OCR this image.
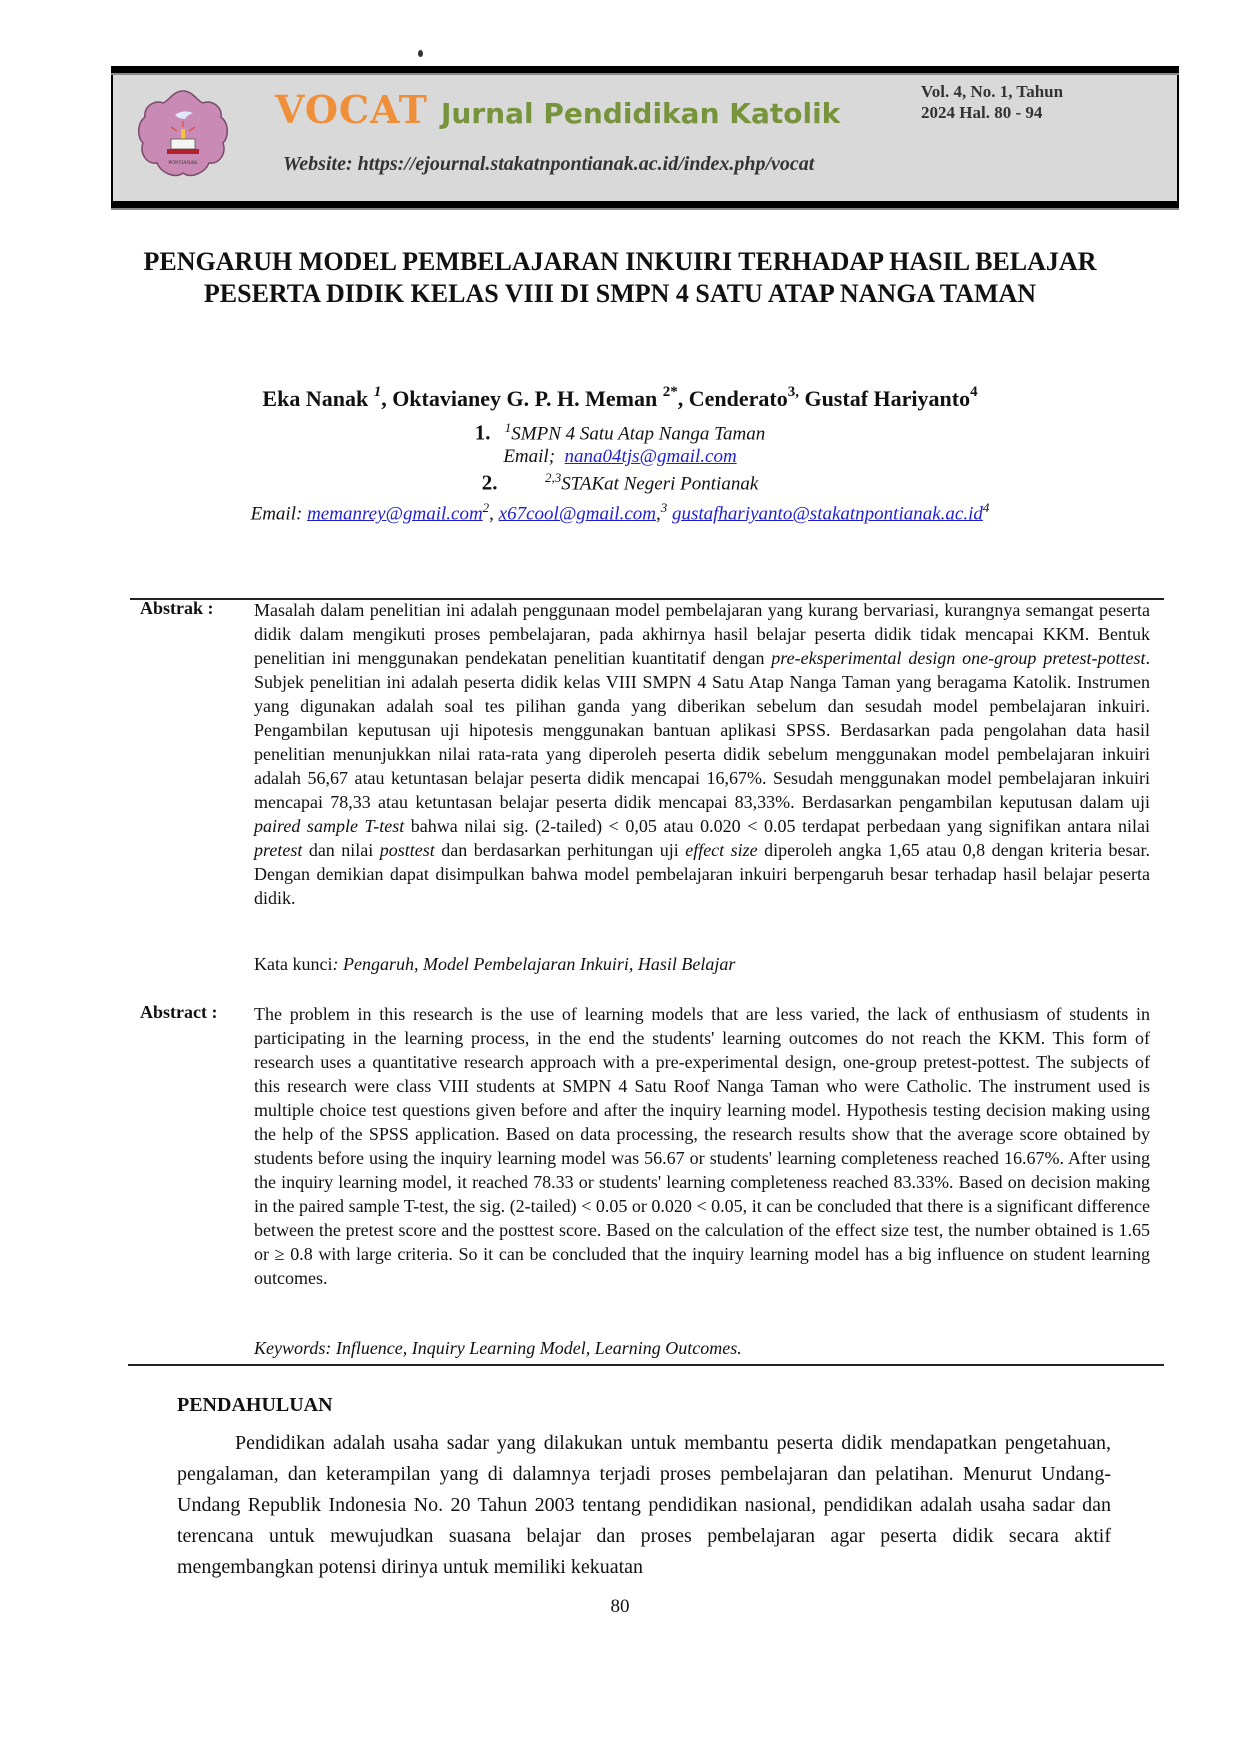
PONTIANAK
VOCAT Jurnal Pendidikan Katolik
Website: https://ejournal.stakatnpontianak.ac.id/index.php/vocat
Vol. 4, No. 1, Tahun
2024 Hal. 80 - 94
PENGARUH MODEL PEMBELAJARAN INKUIRI TERHADAP HASIL BELAJAR PESERTA DIDIK KELAS VIII DI SMPN 4 SATU ATAP NANGA TAMAN
Eka Nanak $^1$, Oktavianey G. P. H. Meman $^{2*}$, Cenderato$^{3,}$ Gustaf Hariyanto$^4$
1. $^1$SMPN 4 Satu Atap Nanga Taman
Email; nana04tjs@gmail.com
2.	$^{2,3}$STAKat Negeri Pontianak
Email: memanrey@gmail.com$^2$, x67cool@gmail.com,$^3$ $gustafhariyanto@stakatnpontianak.ac.id^4$
Abstrak : Masalah dalam penelitian ini adalah penggunaan model pembelajaran yang kurang bervariasi, kurangnya semangat peserta didik dalam mengikuti proses pembelajaran, pada akhirnya hasil belajar peserta didik tidak mencapai KKM. Bentuk penelitian ini menggunakan pendekatan penelitian kuantitatif dengan pre-eksperimental design one-group pretest-pottest. Subjek penelitian ini adalah peserta didik kelas VIII SMPN 4 Satu Atap Nanga Taman yang beragama Katolik. Instrumen yang digunakan adalah soal tes pilihan ganda yang diberikan sebelum dan sesudah model pembelajaran inkuiri. Pengambilan keputusan uji hipotesis menggunakan bantuan aplikasi SPSS. Berdasarkan pada pengolahan data hasil penelitian menunjukkan nilai rata-rata yang diperoleh peserta didik sebelum menggunakan model pembelajaran inkuiri adalah 56,67 atau ketuntasan belajar peserta didik mencapai 16,67%. Sesudah menggunakan model pembelajaran inkuiri mencapai 78,33 atau ketuntasan belajar peserta didik mencapai 83,33%. Berdasarkan pengambilan keputusan dalam uji paired sample T-test bahwa nilai sig. (2-tailed) < 0,05 atau 0.020 < 0.05 terdapat perbedaan yang signifikan antara nilai pretest dan nilai posttest dan berdasarkan perhitungan uji effect size diperoleh angka 1,65 atau 0,8 dengan kriteria besar. Dengan demikian dapat disimpulkan bahwa model pembelajaran inkuiri berpengaruh besar terhadap hasil belajar peserta didik.
Kata kunci: Pengaruh, Model Pembelajaran Inkuiri, Hasil Belajar
Abstract : The problem in this research is the use of learning models that are less varied, the lack of enthusiasm of students in participating in the learning process, in the end the students' learning outcomes do not reach the KKM. This form of research uses a quantitative research approach with a pre-experimental design, one-group pretest-pottest. The subjects of this research were class VIII students at SMPN 4 Satu Roof Nanga Taman who were Catholic. The instrument used is multiple choice test questions given before and after the inquiry learning model. Hypothesis testing decision making using the help of the SPSS application. Based on data processing, the research results show that the average score obtained by students before using the inquiry learning model was 56.67 or students' learning completeness reached 16.67%. After using the inquiry learning model, it reached 78.33 or students' learning completeness reached 83.33%. Based on decision making in the paired sample T-test, the sig. (2-tailed) < 0.05 or 0.020 < 0.05, it can be concluded that there is a significant difference between the pretest score and the posttest score. Based on the calculation of the effect size test, the number obtained is 1.65 or ≥ 0.8 with large criteria. So it can be concluded that the inquiry learning model has a big influence on student learning outcomes.
Keywords: Influence, Inquiry Learning Model, Learning Outcomes.
PENDAHULUAN
Pendidikan adalah usaha sadar yang dilakukan untuk membantu peserta didik mendapatkan pengetahuan, pengalaman, dan keterampilan yang di dalamnya terjadi proses pembelajaran dan pelatihan. Menurut Undang-Undang Republik Indonesia No. 20 Tahun 2003 tentang pendidikan nasional, pendidikan adalah usaha sadar dan terencana untuk mewujudkan suasana belajar dan proses pembelajaran agar peserta didik secara aktif mengembangkan potensi dirinya untuk memiliki kekuatan
80
